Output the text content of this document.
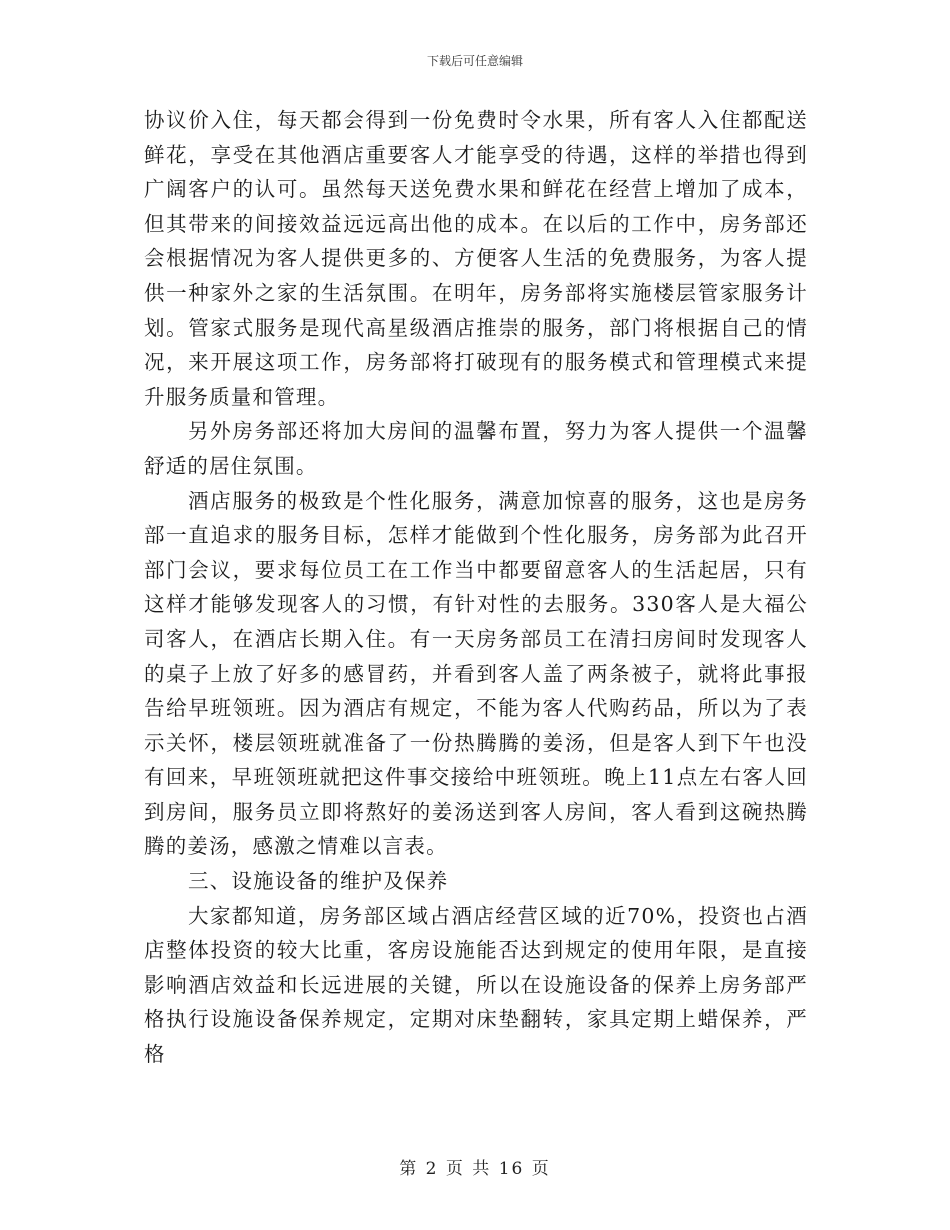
下载后可任意编辑

协议价入住，每天都会得到一份免费时令水果，所有客人入住都配送鲜花，享受在其他酒店重要客人才能享受的待遇，这样的举措也得到广阔客户的认可。虽然每天送免费水果和鲜花在经营上增加了成本，但其带来的间接效益远远高出他的成本。在以后的工作中，房务部还会根据情况为客人提供更多的、方便客人生活的免费服务，为客人提供一种家外之家的生活氛围。在明年，房务部将实施楼层管家服务计划。管家式服务是现代高星级酒店推崇的服务，部门将根据自己的情况，来开展这项工作，房务部将打破现有的服务模式和管理模式来提升服务质量和管理。

另外房务部还将加大房间的温馨布置，努力为客人提供一个温馨舒适的居住氛围。

酒店服务的极致是个性化服务，满意加惊喜的服务，这也是房务部一直追求的服务目标，怎样才能做到个性化服务，房务部为此召开部门会议，要求每位员工在工作当中都要留意客人的生活起居，只有这样才能够发现客人的习惯，有针对性的去服务。330客人是大福公司客人，在酒店长期入住。有一天房务部员工在清扫房间时发现客人的桌子上放了好多的感冒药，并看到客人盖了两条被子，就将此事报告给早班领班。因为酒店有规定，不能为客人代购药品，所以为了表示关怀，楼层领班就准备了一份热腾腾的姜汤，但是客人到下午也没有回来，早班领班就把这件事交接给中班领班。晚上11点左右客人回到房间，服务员立即将熬好的姜汤送到客人房间，客人看到这碗热腾腾的姜汤，感激之情难以言表。

三、设施设备的维护及保养

大家都知道，房务部区域占酒店经营区域的近70%，投资也占酒店整体投资的较大比重，客房设施能否达到规定的使用年限，是直接影响酒店效益和长远进展的关键，所以在设施设备的保养上房务部严格执行设施设备保养规定，定期对床垫翻转，家具定期上蜡保养，严格

第 2 页 共 16 页
